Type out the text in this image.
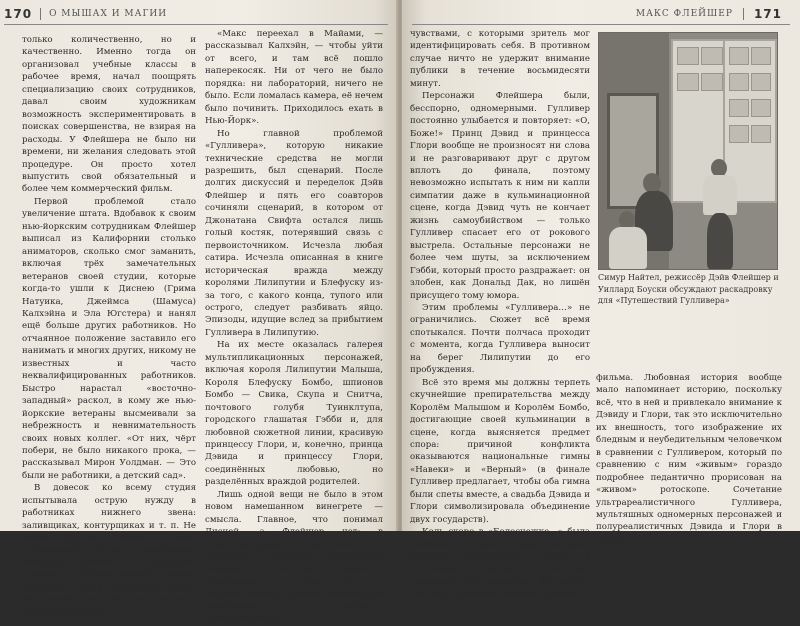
170 О МЫШАХ И МАГИИ

только количественно, но и качественно. Именно тогда он организовал учебные классы в рабочее время, начал поощрять специализацию своих сотрудников, давал своим художникам возможность экспериментировать в поисках совершенства, не взирая на расходы. У Флейшера не было ни времени, ни желания следовать этой процедуре. Он просто хотел выпустить свой обязательный и более чем коммерческий фильм.

Первой проблемой стало увеличение штата. Вдобавок к своим нью-йоркским сотрудникам Флейшер выписал из Калифорнии столько аниматоров, сколько смог заманить, включая трёх замечательных ветеранов своей студии, которые когда-то ушли к Диснею (Грима Натуика, Джеймса (Шамуса) Калхэйна и Эла Югстера) и нанял ещё больше других работников. Но отчаянное положение заставило его нанимать и многих других, никому не известных и часто неквалифицированных работников. Быстро нарастал «восточно-западный» раскол, в кому же нью-йоркские ветераны высмеивали за небрежность и невнимательность своих новых коллег. «От них, чёрт побери, не было никакого прока, — рассказывал Мирон Уолдман. — Это были не работники, а детский сад».

В довесок ко всему студия испытывала острую нужду в работниках нижнего звена: заливщиках, контурщиках и т. п. Не найдя другого выхода, студия организовала курсы и пригласила жителей Майами, в частности студентов Художественной школы, обучиться новой профессии. Стоит ли говорить, что результат оказался очень неспешным.

«Макс переехал в Майами, — рассказывал Калхэйн, — чтобы уйти от всего, и там всё пошло наперекосяк. Ни от чего не было порядка: ни лабораторий, ничего не было. Если ломалась камера, её нечем было починить. Приходилось ехать в Нью-Йорк».

Но главной проблемой «Гулливера», которую никакие технические средства не могли разрешить, был сценарий. После долгих дискуссий и переделок Дэйв Флейшер и пять его соавторов сочиняли сценарий, в котором от Джонатана Свифта остался лишь голый костяк, потерявший связь с первоисточником. Исчезла любая сатира. Исчезла описанная в книге историческая вражда между королями Лилипутии и Блефуску из-за того, с какого конца, тупого или острого, следует разбивать яйцо. Эпизоды, идущие вслед за прибытием Гулливера в Лилипутию.

На их месте оказалась галерея мультипликационных персонажей, включая короля Лилипутии Малыша, Короля Блефуску Бомбо, шпионов Бомбо — Свика, Скупа и Снитча, почтового голубя Туинклтупа, городского глашатая Гэбби и, для любовной сюжетной линии, красивую принцессу Глори, и, конечно, принца Дэвида и принцессу Глори, соединённых любовью, но разделённых враждой родителей.

Лишь одной вещи не было в этом новом намешанном винегрете — смысла. Главное, что понимал Дисней, а Флейшер нет: в короткометражке зрителям не требуется серьёзной разработки образов, достаточно придумать персонажа и гэги. Но в полнометражном фильме необходимо представить личность, завладевающую

МАКС ФЛЕЙШЕР 171

чувствами, с которыми зритель мог идентифицировать себя. В противном случае ничто не удержит внимание публики в течение восьмидесяти минут.

Персонажи Флейшера были, бесспорно, одномерными. Гулливер постоянно улыбается и повторяет: «О, Боже!» Принц Дэвид и принцесса Глори вообще не произносят ни слова и не разговаривают друг с другом вплоть до финала, поэтому невозможно испытать к ним ни капли симпатии даже в кульминационной сцене, когда Дэвид чуть не кончает жизнь самоубийством — только Гулливер спасает его от рокового выстрела. Остальные персонажи не более чем шуты, за исключением Гэбби, который просто раздражает: он злобен, как Дональд Дак, но лишён присущего тому юмора.

Этим проблемы «Гулливера…» не ограничились. Сюжет всё время спотыкался. Почти полчаса проходит с момента, когда Гулливера выносит на берег Лилипутии до его пробуждения.

Всё это время мы должны терпеть скучнейшие препирательства между Королём Малышом и Королём Бомбо, достигающие своей кульминации в сцене, когда выясняется предмет спора: причиной конфликта оказываются национальные гимны «Навеки» и «Верный» (в финале Гулливер предлагает, чтобы оба гимна были спеты вместе, а свадьба Дэвида и Глори символизировала объединение двух государств).

Коль скоро в «Белоснежке…» была любовная история и много музыки, казалось обязательно, чтобы и «Гулливер…» должен обязательно содержать эти элементы, но они не являлись причиной полного провала

Симур Найтел, режиссёр Дэйв Флейшер и Уиллард Боуски обсуждают раскадровку для «Путешествий Гулливера»

фильма. Любовная история вообще мало напоминает историю, поскольку всё, что в ней и привлекало внимание к Дэвиду и Глори, так это исключительно их внешность, того изображение их бледным и неубедительным человечком в сравнении с Гулливером, который по сравнению с ним «живым» гораздо подробнее педантично прорисован на «живом» ротоскопе. Сочетание ультрареалистичного Гулливера, мультяшных одномерных персонажей и полуреалистичных Дэвида и Глори в совсем
